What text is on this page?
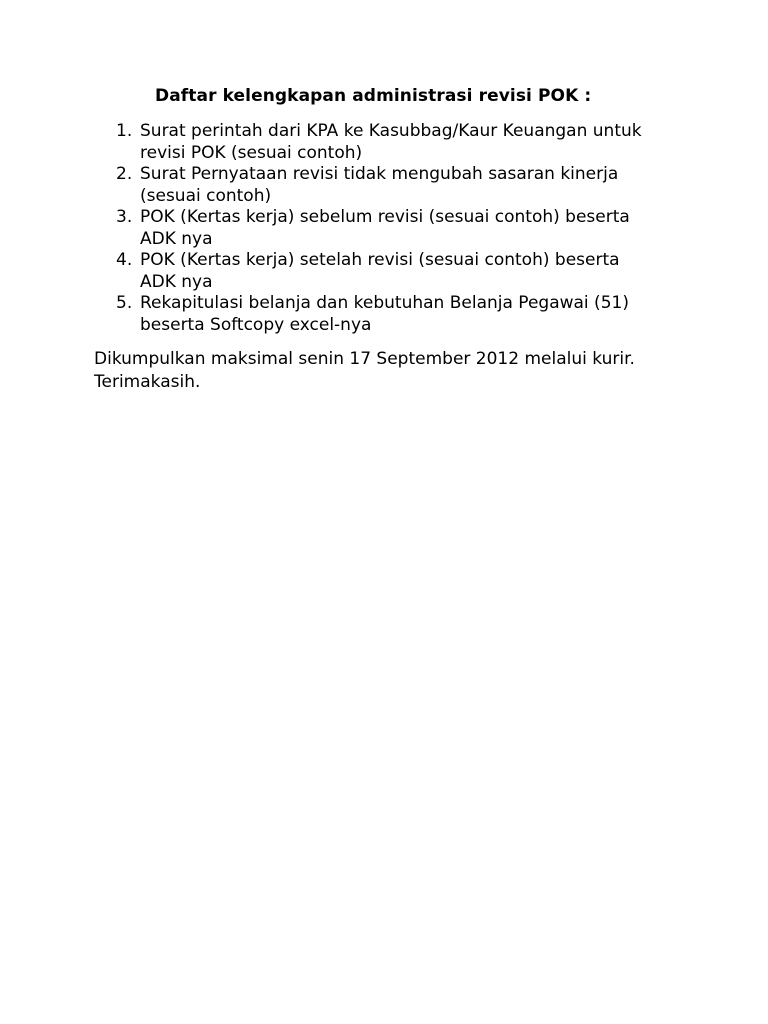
Daftar kelengkapan administrasi revisi POK :
1. Surat perintah dari KPA ke Kasubbag/Kaur Keuangan untuk
revisi POK (sesuai contoh)
2. Surat Pernyataan revisi tidak mengubah sasaran kinerja
(sesuai contoh)
3. POK (Kertas kerja) sebelum revisi (sesuai contoh) beserta
ADK nya
4. POK (Kertas kerja) setelah revisi (sesuai contoh) beserta
ADK nya
5. Rekapitulasi belanja dan kebutuhan Belanja Pegawai (51)
beserta Softcopy excel-nya
Dikumpulkan maksimal senin 17 September 2012 melalui kurir.
Terimakasih.
